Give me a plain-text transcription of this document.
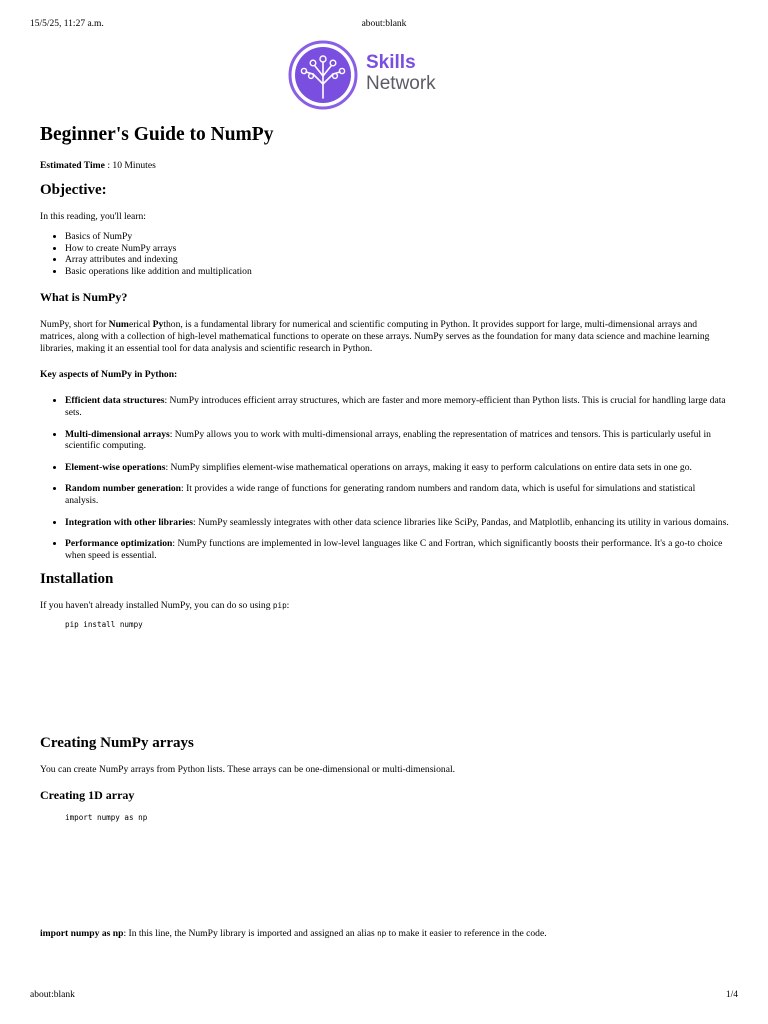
15/5/25, 11:27 a.m.	about:blank
Skills
Network
Beginner's Guide to NumPy

Estimated Time : 10 Minutes

Objective:

In this reading, you'll learn:

• Basics of NumPy
• How to create NumPy arrays
• Array attributes and indexing
• Basic operations like addition and multiplication
What is NumPy?

NumPy, short for Numerical Python, is a fundamental library for numerical and scientific computing in Python. It provides support for large, multi-dimensional arrays and matrices, along with a collection of high-level mathematical functions to operate on these arrays. NumPy serves as the foundation for many data science and machine learning libraries, making it an essential tool for data analysis and scientific research in Python.

Key aspects of NumPy in Python:

• Efficient data structures: NumPy introduces efficient array structures, which are faster and more memory-efficient than Python lists. This is crucial for handling large data sets.
• Multi-dimensional arrays: NumPy allows you to work with multi-dimensional arrays, enabling the representation of matrices and tensors. This is particularly useful in scientific computing.
• Element-wise operations: NumPy simplifies element-wise mathematical operations on arrays, making it easy to perform calculations on entire data sets in one go.
• Random number generation: It provides a wide range of functions for generating random numbers and random data, which is useful for simulations and statistical analysis.
• Integration with other libraries: NumPy seamlessly integrates with other data science libraries like SciPy, Pandas, and Matplotlib, enhancing its utility in various domains.
• Performance optimization: NumPy functions are implemented in low-level languages like C and Fortran, which significantly boosts their performance. It's a go-to choice when speed is essential.
Installation

If you haven't already installed NumPy, you can do so using pip:

pip install numpy
Creating NumPy arrays

You can create NumPy arrays from Python lists. These arrays can be one-dimensional or multi-dimensional.

Creating 1D array
import numpy as np

import numpy as np: In this line, the NumPy library is imported and assigned an alias np to make it easier to reference in the code.

about:blank	1/4
